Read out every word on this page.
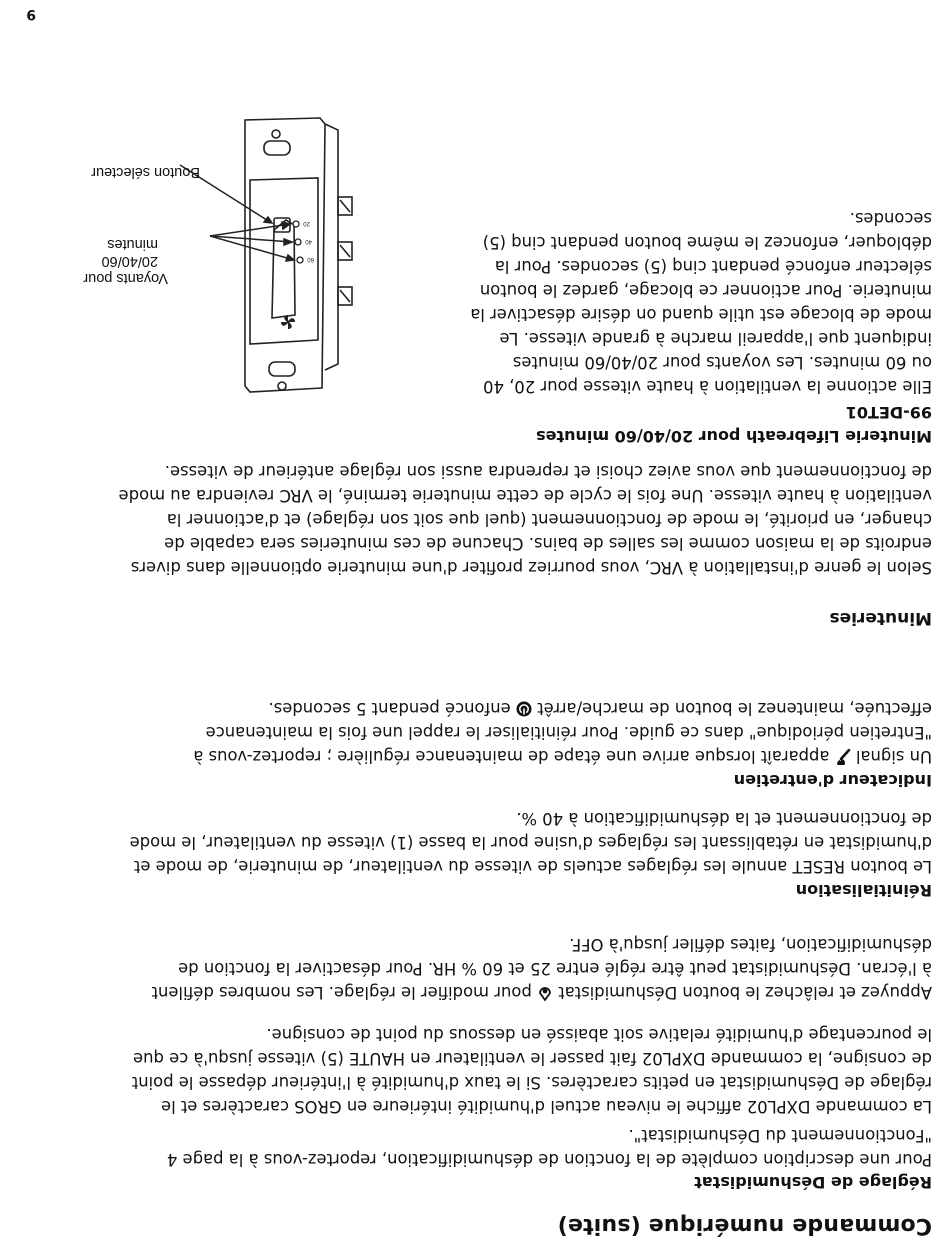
Commande numérique (suite)
Réglage de Déshumidistat
Pour une description complète de la fonction de déshumidification, reportez-vous à la page 4
"Fonctionnement du Déshumidistat".
La commande DXPL02 affiche le niveau actuel d'humidité intérieure en GROS caractères et le
réglage de Déshumidistat en petits caractères. Si le taux d'humidité à l'intérieur dépasse le point
de consigne, la commande DXPL02 fait passer le ventilateur en HAUTE (5) vitesse jusqu'à ce que
le pourcentage d'humidité relative soit abaissé en dessous du point de consigne.
Appuyez et relâchez le bouton Déshumidistat  pour modifier le réglage. Les nombres défilent
à l'écran. Déshumidistat peut être réglé entre 25 et 60 % HR. Pour désactiver la fonction de
déshumidification, faites défiler jusqu'à OFF.
Réinitialisation
Le bouton RESET annule les réglages actuels de vitesse du ventilateur, de minuterie, de mode et
d'humidistat en rétablissant les réglages d'usine pour la basse (1) vitesse du ventilateur, le mode
de fonctionnement et la déshumidification à 40 %.
Indicateur d'entretien
Un signal  apparaît lorsque arrive une étape de maintenance régulière ; reportez-vous à
"Entretien périodique" dans ce guide. Pour réinitialiser le rappel une fois la maintenance
effectuée, maintenez le bouton de marche/arrêt  enfoncé pendant 5 secondes.
Minuteries
Selon le genre d'installation à VRC, vous pourriez profiter d'une minuterie optionnelle dans divers
endroits de la maison comme les salles de bains. Chacune de ces minuteries sera capable de
changer, en priorité, le mode de fonctionnement (quel que soit son réglage) et d'actionner la
ventilation à haute vitesse. Une fois le cycle de cette minuterie terminé, le VRC reviendra au mode
de fonctionnement que vous aviez choisi et reprendra aussi son réglage antérieur de vitesse.
Minuterie Lifebreath pour 20/40/60 minutes
99-DET01
Elle actionne la ventilation à haute vitesse pour 20, 40
ou 60 minutes. Les voyants pour 20/40/60 minutes
indiquent que l'appareil marche à grande vitesse. Le
mode de blocage est utile quand on désire désactiver la
minuterie. Pour actionner ce blocage, gardez le bouton
sélecteur enfoncé pendant cinq (5) secondes. Pour la
débloquer, enfoncez le même bouton pendant cinq (5)
secondes.
60
40
20
Bouton sélecteur
Voyants pour
20/40/60
minutes
9
